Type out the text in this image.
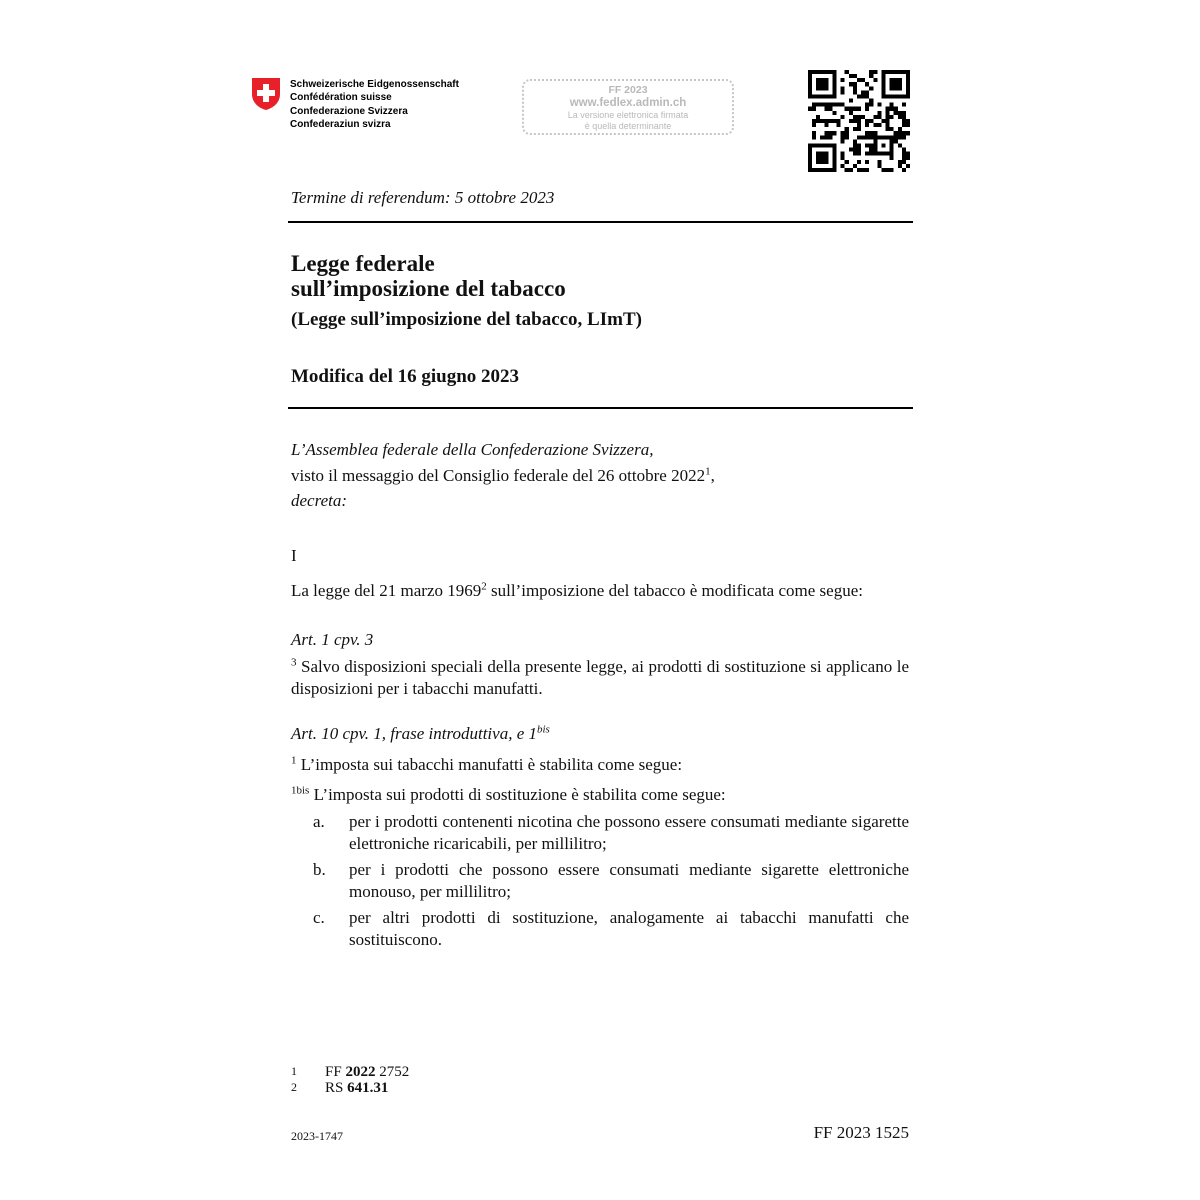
Schweizerische Eidgenossenschaft
Confédération suisse
Confederazione Svizzera
Confederaziun svizra
FF 2023
www.fedlex.admin.ch
La versione elettronica firmata
è quella determinante
Termine di referendum: 5 ottobre 2023
Legge federale
sull’imposizione del tabacco
(Legge sull’imposizione del tabacco, LImT)
Modifica del 16 giugno 2023
L’Assemblea federale della Confederazione Svizzera,
visto il messaggio del Consiglio federale del 26 ottobre 2022$^1$,
decreta:
I
La legge del 21 marzo 1969$^2$ sull’imposizione del tabacco è modificata come segue:
Art. 1 cpv. 3
$^3$ Salvo disposizioni speciali della presente legge, ai prodotti di sostituzione si applicano le disposizioni per i tabacchi manufatti.
Art. 10 cpv. 1, frase introduttiva, e 1$^{bis}$
$^1$ L’imposta sui tabacchi manufatti è stabilita come segue:
$^{1bis}$ L’imposta sui prodotti di sostituzione è stabilita come segue:
a. per i prodotti contenenti nicotina che possono essere consumati mediante sigarette elettroniche ricaricabili, per millilitro;
b. per i prodotti che possono essere consumati mediante sigarette elettroniche monouso, per millilitro;
c. per altri prodotti di sostituzione, analogamente ai tabacchi manufatti che sostituiscono.
1 FF 2022 2752
2 RS 641.31
2023-1747	FF 2023 1525
